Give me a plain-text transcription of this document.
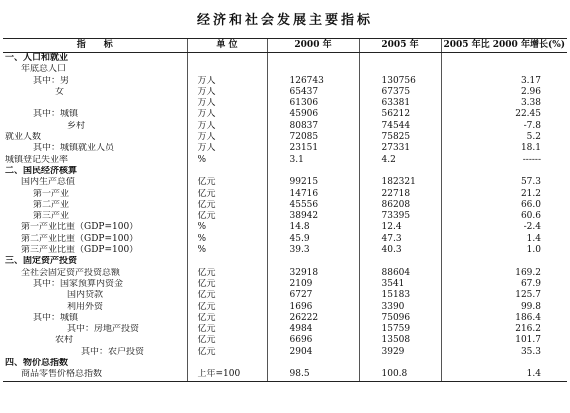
经济和社会发展主要指标
指　　标	单 位	2000 年	2005 年	2005 年比 2000 年增长(%)
一、人口和就业				
年底总人口				
其中：男	万人	126743	130756	3.17
女	万人	65437	67375	2.96
	万人	61306	63381	3.38
其中：城镇	万人	45906	56212	22.45
乡村	万人	80837	74544	-7.8
就业人数	万人	72085	75825	5.2
其中：城镇就业人员	万人	23151	27331	18.1
城镇登记失业率	%	3.1	4.2	------
二、国民经济核算				
国内生产总值	亿元	99215	182321	57.3
第一产业	亿元	14716	22718	21.2
第二产业	亿元	45556	86208	66.0
第三产业	亿元	38942	73395	60.6
第一产业比重（GDP=100）	%	14.8	12.4	-2.4
第二产业比重（GDP=100）	%	45.9	47.3	1.4
第三产业比重（GDP=100）	%	39.3	40.3	1.0
三、固定资产投资				
全社会固定资产投资总额	亿元	32918	88604	169.2
其中：国家预算内资金	亿元	2109	3541	67.9
国内贷款	亿元	6727	15183	125.7
利用外资	亿元	1696	3390	99.8
其中：城镇	亿元	26222	75096	186.4
其中：房地产投资	亿元	4984	15759	216.2
农村	亿元	6696	13508	101.7
其中：农户投资	亿元	2904	3929	35.3
四、物价总指数				
商品零售价格总指数	上年=100	98.5	100.8	1.4
